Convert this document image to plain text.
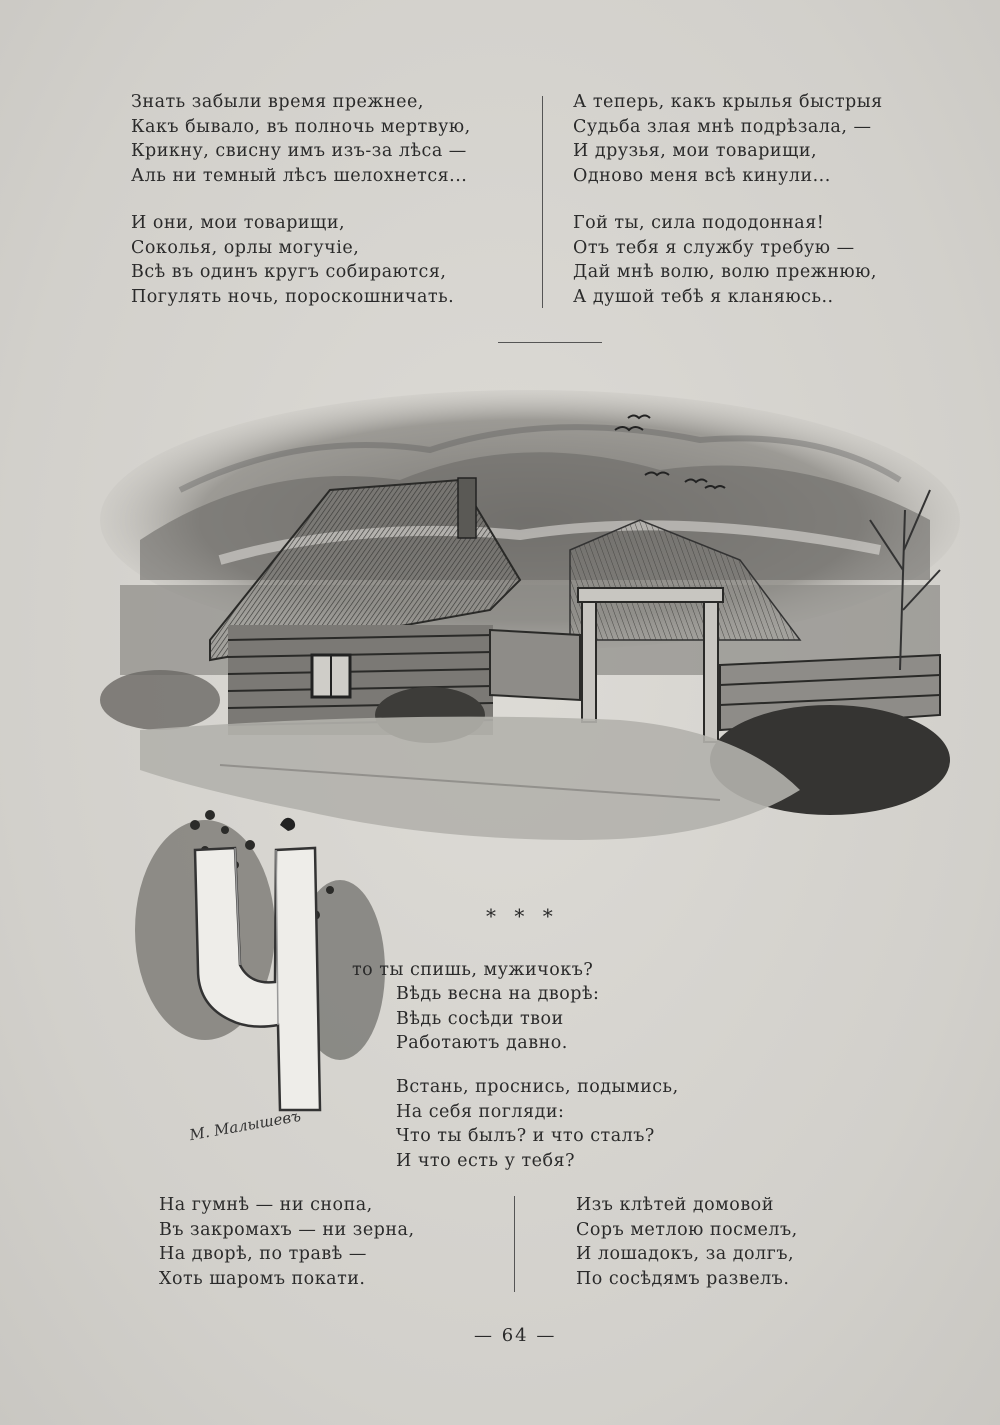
Знать забыли время прежнее,
Какъ бывало, въ полночь мертвую,
Крикну, свисну имъ изъ-за лѣса —
Аль ни темный лѣсъ шелохнется...
И они, мои товарищи,
Соколья, орлы могучіе,
Всѣ въ одинъ кругъ собираются,
Погулять ночь, пороскошничать.
А теперь, какъ крылья быстрыя
Судьба злая мнѣ подрѣзала, —
И друзья, мои товарищи,
Одново меня всѣ кинули...
Гой ты, сила пододонная!
Отъ тебя я службу требую —
Дай мнѣ волю, волю прежнюю,
А душой тебѣ я кланяюсь..
М. Малышевъ
* * *
то ты спишь, мужичокъ?
Вѣдь весна на дворѣ:
Вѣдь сосѣди твои
Работаютъ давно.
Встань, проснись, подымись,
На себя погляди:
Что ты былъ? и что сталъ?
И что есть у тебя?
На гумнѣ — ни снопа,
Въ закромахъ — ни зерна,
На дворѣ, по травѣ —
Хоть шаромъ покати.
Изъ клѣтей домовой
Соръ метлою посмелъ,
И лошадокъ, за долгъ,
По сосѣдямъ развелъ.
— 64 —
